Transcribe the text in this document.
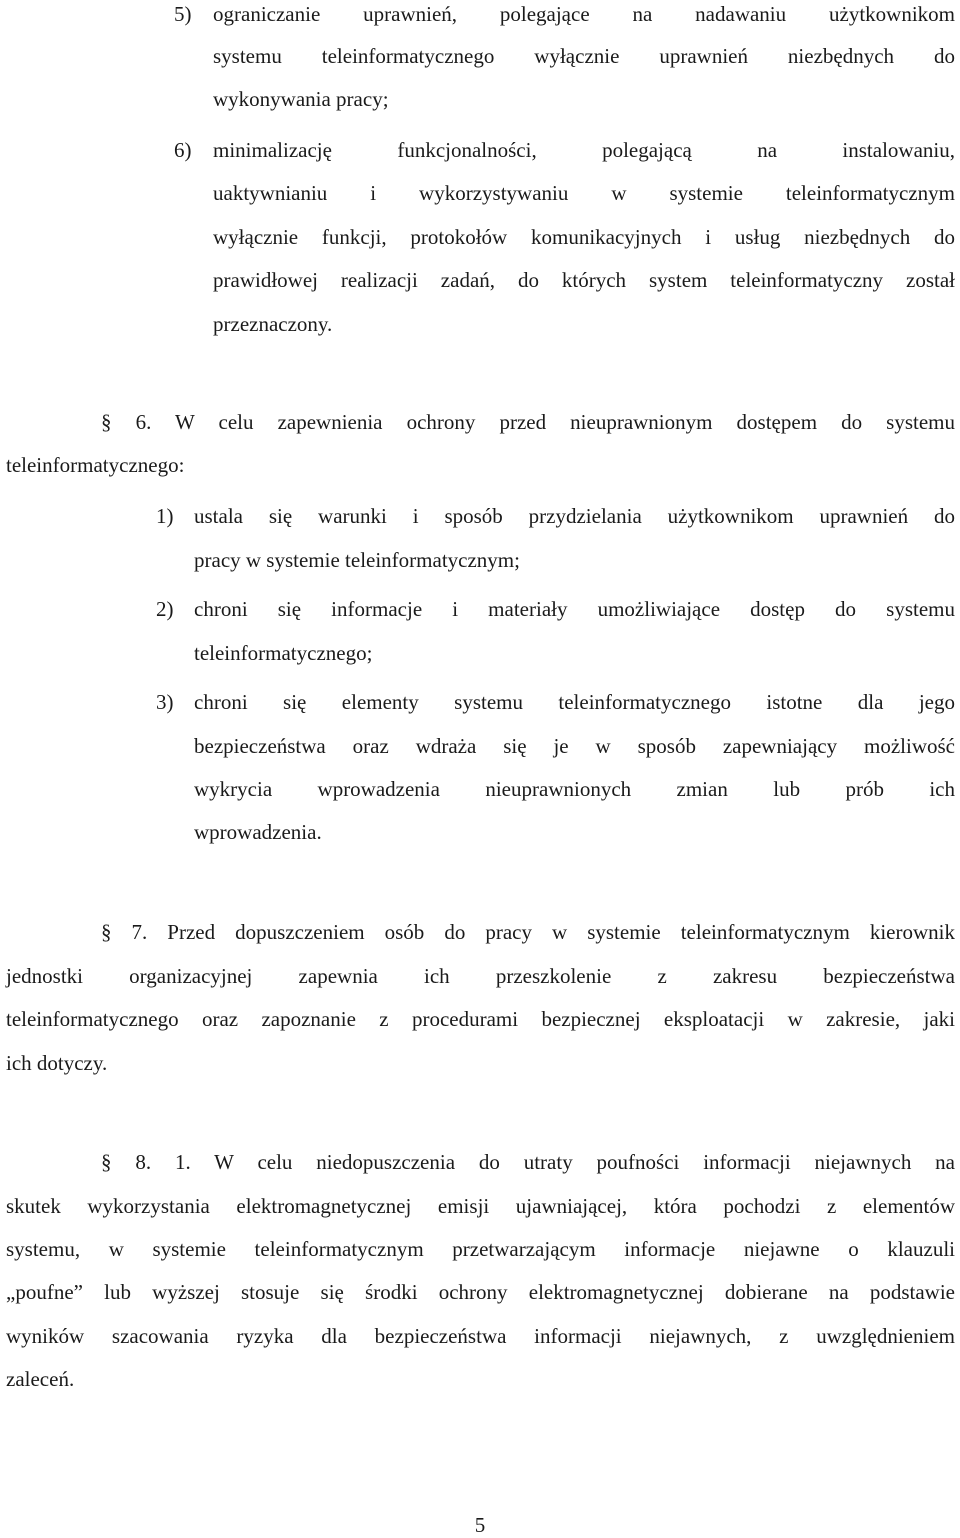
5) ograniczanie uprawnień, polegające na nadawaniu użytkownikom
systemu teleinformatycznego wyłącznie uprawnień niezbędnych do
wykonywania pracy;
6) minimalizację funkcjonalności, polegającą na instalowaniu,
uaktywnianiu i wykorzystywaniu w systemie teleinformatycznym
wyłącznie funkcji, protokołów komunikacyjnych i usług niezbędnych do
prawidłowej realizacji zadań, do których system teleinformatyczny został
przeznaczony.
§ 6. W celu zapewnienia ochrony przed nieuprawnionym dostępem do systemu
teleinformatycznego:
1) ustala się warunki i sposób przydzielania użytkownikom uprawnień do
pracy w systemie teleinformatycznym;
2) chroni się informacje i materiały umożliwiające dostęp do systemu
teleinformatycznego;
3) chroni się elementy systemu teleinformatycznego istotne dla jego
bezpieczeństwa oraz wdraża się je w sposób zapewniający możliwość
wykrycia wprowadzenia nieuprawnionych zmian lub prób ich
wprowadzenia.
§ 7. Przed dopuszczeniem osób do pracy w systemie teleinformatycznym kierownik
jednostki organizacyjnej zapewnia ich przeszkolenie z zakresu bezpieczeństwa
teleinformatycznego oraz zapoznanie z procedurami bezpiecznej eksploatacji w zakresie, jaki
ich dotyczy.
§ 8. 1. W celu niedopuszczenia do utraty poufności informacji niejawnych na
skutek wykorzystania elektromagnetycznej emisji ujawniającej, która pochodzi z elementów
systemu, w systemie teleinformatycznym przetwarzającym informacje niejawne o klauzuli
„poufne” lub wyższej stosuje się środki ochrony elektromagnetycznej dobierane na podstawie
wyników szacowania ryzyka dla bezpieczeństwa informacji niejawnych, z uwzględnieniem
zaleceń.
5
